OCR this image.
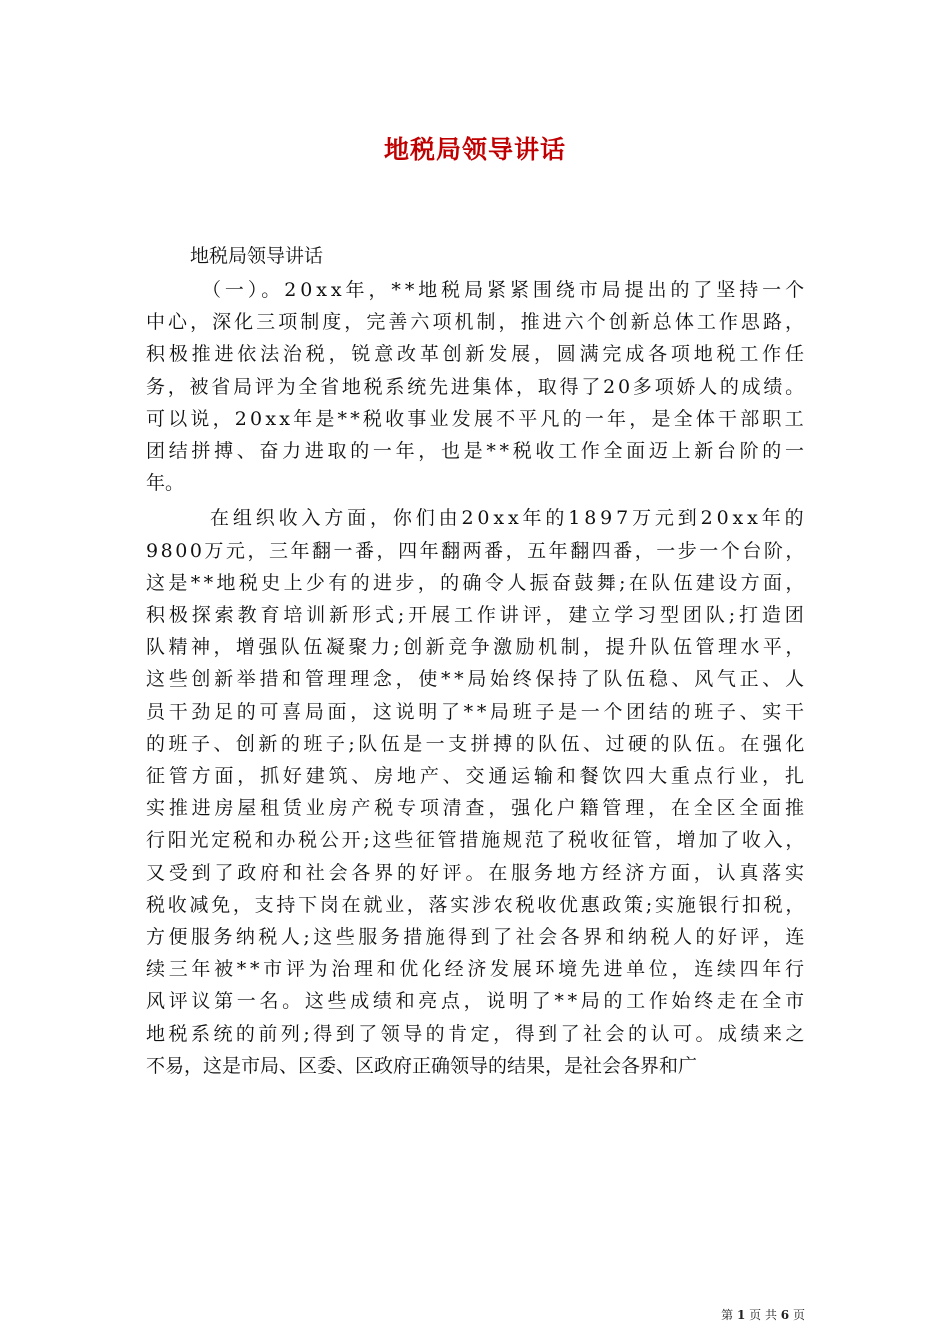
地税局领导讲话
地税局领导讲话
（一）。20xx年，**地税局紧紧围绕市局提出的了坚持一个
中心，深化三项制度，完善六项机制，推进六个创新总体工作思路，
积极推进依法治税，锐意改革创新发展，圆满完成各项地税工作任
务，被省局评为全省地税系统先进集体，取得了20多项娇人的成绩。
可以说，20xx年是**税收事业发展不平凡的一年，是全体干部职工
团结拼搏、奋力进取的一年，也是**税收工作全面迈上新台阶的一
年。
在组织收入方面，你们由20xx年的1897万元到20xx年的
9800万元，三年翻一番，四年翻两番，五年翻四番，一步一个台阶，
这是**地税史上少有的进步，的确令人振奋鼓舞;在队伍建设方面，
积极探索教育培训新形式;开展工作讲评，建立学习型团队;打造团
队精神，增强队伍凝聚力;创新竞争激励机制，提升队伍管理水平，
这些创新举措和管理理念，使**局始终保持了队伍稳、风气正、人
员干劲足的可喜局面，这说明了**局班子是一个团结的班子、实干
的班子、创新的班子;队伍是一支拼搏的队伍、过硬的队伍。在强化
征管方面，抓好建筑、房地产、交通运输和餐饮四大重点行业，扎
实推进房屋租赁业房产税专项清查，强化户籍管理，在全区全面推
行阳光定税和办税公开;这些征管措施规范了税收征管，增加了收入，
又受到了政府和社会各界的好评。在服务地方经济方面，认真落实
税收减免，支持下岗在就业，落实涉农税收优惠政策;实施银行扣税，
方便服务纳税人;这些服务措施得到了社会各界和纳税人的好评，连
续三年被**市评为治理和优化经济发展环境先进单位，连续四年行
风评议第一名。这些成绩和亮点，说明了**局的工作始终走在全市
地税系统的前列;得到了领导的肯定，得到了社会的认可。成绩来之
不易，这是市局、区委、区政府正确领导的结果，是社会各界和广
第 1 页 共 6 页
